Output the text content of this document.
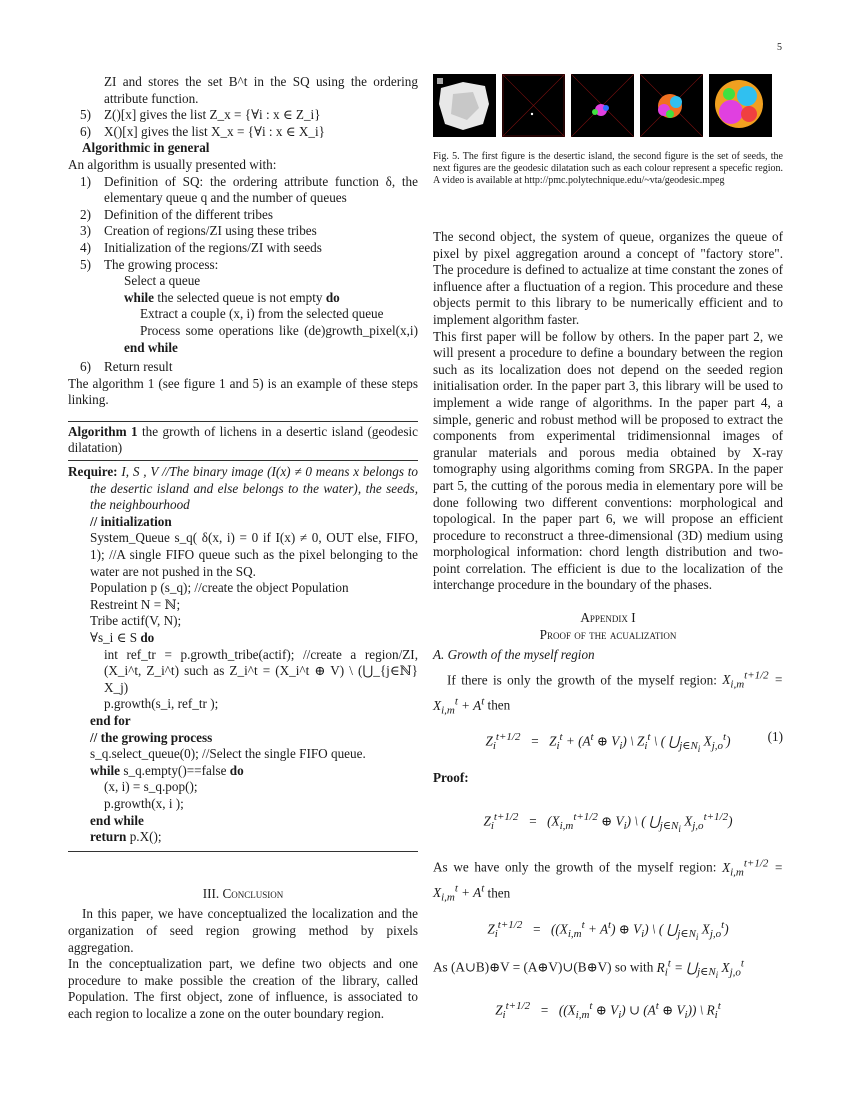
5
ZI and stores the set B^t in the SQ using the ordering attribute function.
5) Z()[x] gives the list Z_x = {∀i : x ∈ Z_i}
6) X()[x] gives the list X_x = {∀i : x ∈ X_i}
Algorithmic in general
An algorithm is usually presented with:
1) Definition of SQ: the ordering attribute function δ, the elementary queue q and the number of queues
2) Definition of the different tribes
3) Creation of regions/ZI using these tribes
4) Initialization of the regions/ZI with seeds
5) The growing process:
Select a queue
while the selected queue is not empty do
Extract a couple (x, i) from the selected queue
Process some operations like (de)growth_pixel(x,i)
end while
6) Return result
The algorithm 1 (see figure 1 and 5) is an example of these steps linking.
Algorithm 1 the growth of lichens in a desertic island (geodesic dilatation)
Require: I, S , V //The binary image (I(x) ≠ 0 means x belongs to the desertic island and else belongs to the water), the seeds, the neighbourhood
// initialization
System_Queue s_q( δ(x, i) = 0 if I(x) ≠ 0, OUT else, FIFO, 1); //A single FIFO queue such as the pixel belonging to the water are not pushed in the SQ.
Population p (s_q); //create the object Population
Restreint N = ℕ;
Tribe actif(V, N);
∀s_i ∈ S do
int ref_tr = p.growth_tribe(actif); //create a region/ZI, (X_i^t, Z_i^t) such as Z_i^t = (X_i^t ⊕ V) \ (⋃_{j∈ℕ} X_j)
p.growth(s_i, ref_tr );
end for
// the growing process
s_q.select_queue(0); //Select the single FIFO queue.
while s_q.empty()==false do
(x, i) = s_q.pop();
p.growth(x, i );
end while
return p.X();
III. Conclusion
In this paper, we have conceptualized the localization and the organization of seed region growing method by pixels aggregation.
In the conceptualization part, we define two objects and one procedure to make possible the creation of the library, called Population. The first object, zone of influence, is associated to each region to localize a zone on the outer boundary region.
Fig. 5. The first figure is the desertic island, the second figure is the set of seeds, the next figures are the geodesic dilatation such as each colour represent a specefic region. A video is available at http://pmc.polytechnique.edu/~vta/geodesic.mpeg
The second object, the system of queue, organizes the queue of pixel by pixel aggregation around a concept of "factory store". The procedure is defined to actualize at time constant the zones of influence after a fluctuation of a region. This procedure and these objects permit to this library to be numerically efficient and to implement algorithm faster.
This first paper will be follow by others. In the paper part 2, we will present a procedure to define a boundary between the region such as its localization does not depend on the seeded region initialisation order. In the paper part 3, this library will be used to implement a wide range of algorithms. In the paper part 4, a simple, generic and robust method will be proposed to extract the components from experimental tridimensionnal images of granular materials and porous media obtained by X-ray tomography using algorithms coming from SRGPA. In the paper part 5, the cutting of the porous media in elementary pore will be done following two different conventions: morphological and topological. In the paper part 6, we will propose an efficient procedure to reconstruct a three-dimensional (3D) medium using morphological information: chord length distribution and two-point correlation. The efficient is due to the localization of the interchange procedure in the boundary of the phases.
Appendix I
Proof of the acualization
A. Growth of the myself region
If there is only the growth of the myself region: $X_{i,m}^{t+1/2} = X_{i,m}^t + A^t$ then
$Z_i^{t+1/2} = Z_i^t + (A^t$ ⊕ $V_i$) \ $Z_i^t$ \ ( $⋃_{j\in N_i}$ $X_{j,o}^t$)	(1)
Proof:
$Z_i^{t+1/2} = (X_{i,m}^{t+1/2}$ ⊕ $V_i$) \ ( $⋃_{j\in N_i}$ $X_{j,o}^{t+1/2}$)
As we have only the growth of the myself region: $X_{i,m}^{t+1/2} = X_{i,m}^t + A^t$ then
$Z_i^{t+1/2} = ((X_{i,m}^t + A^t)$ ⊕ $V_i$) \ ( $⋃_{j\in N_i}$ $X_{j,o}^t$)
As (A∪B)⊕V = (A⊕V)∪(B⊕V) so with $R_i^t$ = $⋃_{j\in N_i}$ $X_{j,o}^t$
$Z_i^{t+1/2} = ((X_{i,m}^t$ ⊕ $V_i$) ∪ ($A^t$ ⊕ $V_i$)) \ $R_i^t$
